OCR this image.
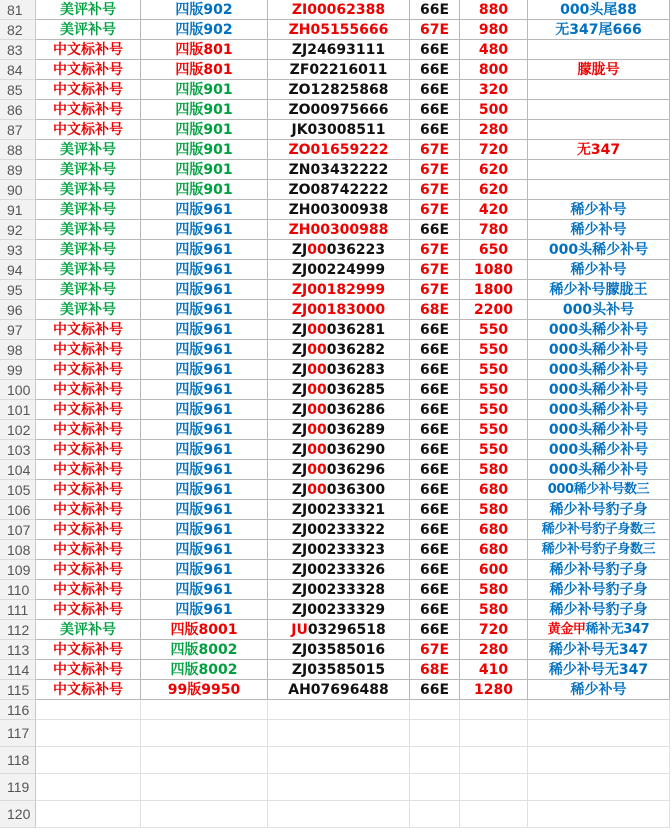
81	美评补号	四版902	ZI00062388	66E	880	000头尾88
82	美评补号	四版902	ZH05155666	67E	980	无347尾666
83	中文标补号	四版801	ZJ24693111	66E	480
84	中文标补号	四版801	ZF02216011	66E	800	朦胧号
85	中文标补号	四版901	ZO12825868	66E	320
86	中文标补号	四版901	ZO00975666	66E	500
87	中文标补号	四版901	JK03008511	66E	280
88	美评补号	四版901	ZO01659222	67E	720	无347
89	美评补号	四版901	ZN03432222	67E	620
90	美评补号	四版901	ZO08742222	67E	620
91	美评补号	四版961	ZH00300938	67E	420	稀少补号
92	美评补号	四版961	ZH00300988	66E	780	稀少补号
93	美评补号	四版961	ZJ00036223	67E	650	000头稀少补号
94	美评补号	四版961	ZJ00224999	67E	1080	稀少补号
95	美评补号	四版961	ZJ00182999	67E	1800	稀少补号朦胧王
96	美评补号	四版961	ZJ00183000	68E	2200	000头补号
97	中文标补号	四版961	ZJ00036281	66E	550	000头稀少补号
98	中文标补号	四版961	ZJ00036282	66E	550	000头稀少补号
99	中文标补号	四版961	ZJ00036283	66E	550	000头稀少补号
100	中文标补号	四版961	ZJ00036285	66E	550	000头稀少补号
101	中文标补号	四版961	ZJ00036286	66E	550	000头稀少补号
102	中文标补号	四版961	ZJ00036289	66E	550	000头稀少补号
103	中文标补号	四版961	ZJ00036290	66E	550	000头稀少补号
104	中文标补号	四版961	ZJ00036296	66E	580	000头稀少补号
105	中文标补号	四版961	ZJ00036300	66E	680	000稀少补号数三
106	中文标补号	四版961	ZJ00233321	66E	580	稀少补号豹子身
107	中文标补号	四版961	ZJ00233322	66E	680	稀少补号豹子身数三
108	中文标补号	四版961	ZJ00233323	66E	680	稀少补号豹子身数三
109	中文标补号	四版961	ZJ00233326	66E	600	稀少补号豹子身
110	中文标补号	四版961	ZJ00233328	66E	580	稀少补号豹子身
111	中文标补号	四版961	ZJ00233329	66E	580	稀少补号豹子身
112	美评补号	四版8001	JU03296518	66E	720	黄金甲稀补无347
113	中文标补号	四版8002	ZJ03585016	67E	280	稀少补号无347
114	中文标补号	四版8002	ZJ03585015	68E	410	稀少补号无347
115	中文标补号	99版9950	AH07696488	66E	1280	稀少补号
116
117
118
119
120
